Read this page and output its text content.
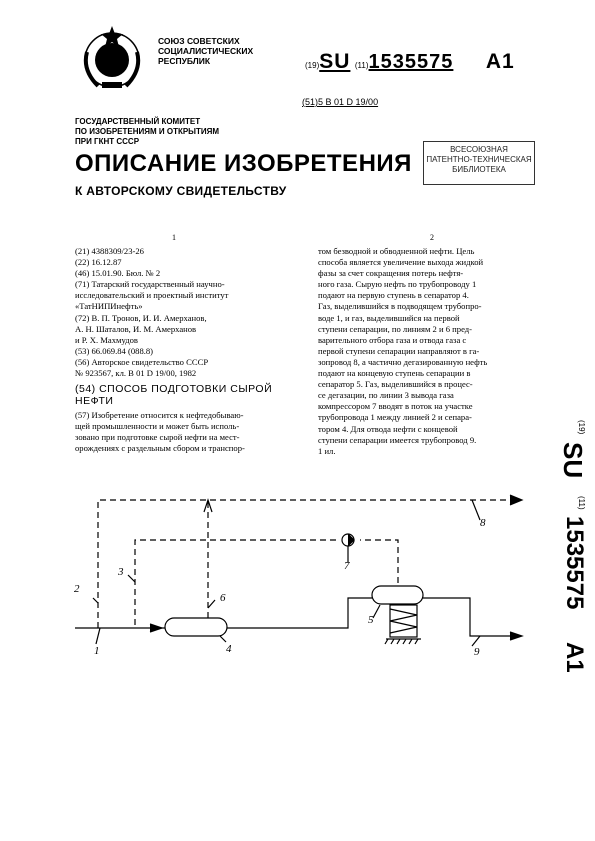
СОЮЗ СОВЕТСКИХ
СОЦИАЛИСТИЧЕСКИХ
РЕСПУБЛИК	(19)SU (11)1535575 A1
(51)5 B 01 D 19/00
ГОСУДАРСТВЕННЫЙ КОМИТЕТ
ПО ИЗОБРЕТЕНИЯМ И ОТКРЫТИЯМ
ПРИ ГКНТ СССР
ВСЕСОЮЗНАЯ
ПАТЕНТНО-ТЕХНИЧЕСКАЯ
БИБЛИОТЕКА
ОПИСАНИЕ ИЗОБРЕТЕНИЯ
К АВТОРСКОМУ СВИДЕТЕЛЬСТВУ
1	2
(21) 4388309/23-26
(22) 16.12.87
(46) 15.01.90. Бюл. № 2
(71) Татарский государственный научно-
исследовательский и проектный институт
«ТатНИПИнефть»
(72) В. П. Тронов, И. И. Амерханов,
А. Н. Шаталов, И. М. Амерханов
и Р. Х. Махмудов
(53) 66.069.84 (088.8)
(56) Авторское свидетельство СССР
№ 923567, кл. B 01 D 19/00, 1982
(54) СПОСОБ ПОДГОТОВКИ СЫРОЙ
НЕФТИ
(57) Изобретение относится к нефтедобываю-
щей промышленности и может быть исполь-
зовано при подготовке сырой нефти на мест-
орождениях с раздельным сбором и транспор-
том безводной и обводненной нефти. Цель
способа является увеличение выхода жидкой
фазы за счет сокращения потерь нефтя-
ного газа. Сырую нефть по трубопроводу 1
подают на первую ступень в сепаратор 4.
Газ, выделившийся в подводящем трубопро-
воде 1, и газ, выделившийся на первой
ступени сепарации, по линиям 2 и 6 пред-
варительного отбора газа и отвода газа с
первой ступени сепарации направляют в га-
зопровод 8, а частично дегазированную нефть
подают на концевую ступень сепарации в
сепаратор 5. Газ, выделившийся в процес-
се дегазации, по линии 3 вывода газа
компрессором 7 вводят в поток на участке
трубопровода 1 между линией 2 и сепара-
тором 4. Для отвода нефти с концевой
ступени сепарации имеется трубопровод 9.
1 ил.
(19)
SU
(11)
1535575
A1
1
2
3
4
5
6
7
8
9
